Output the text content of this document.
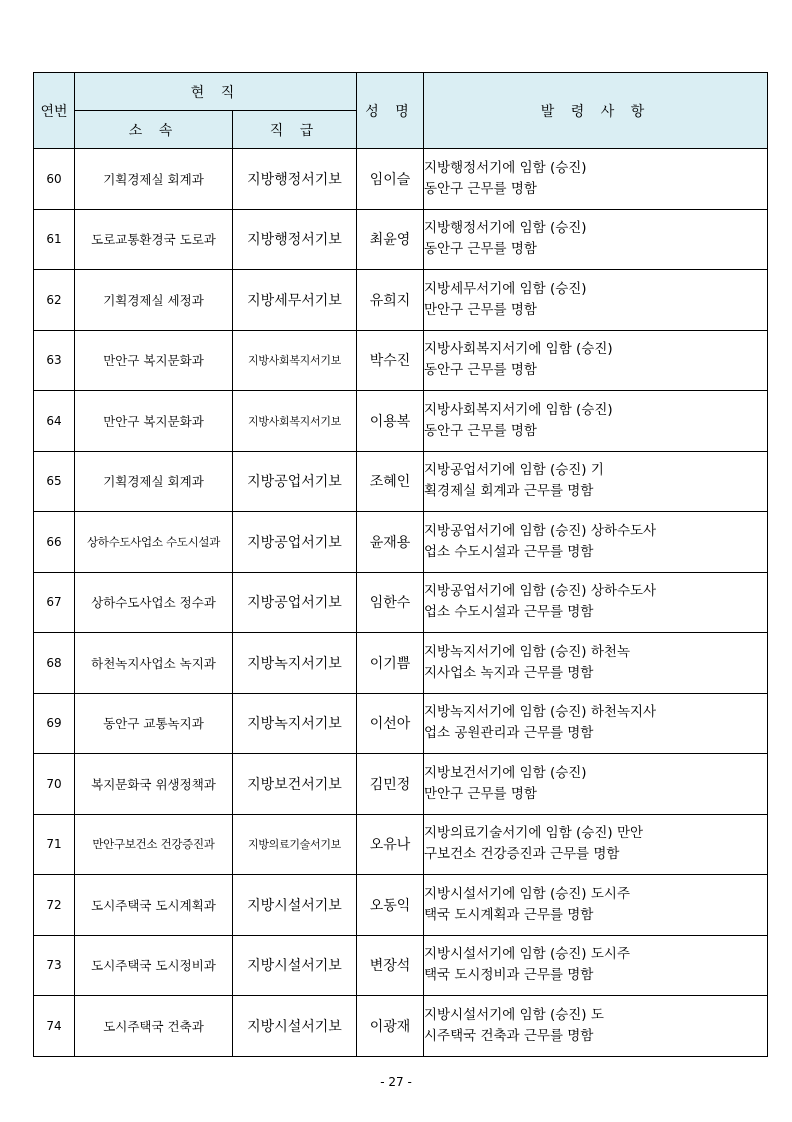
연번	현 직		성 명	발 령 사 항
	소 속	직 급		
60	기획경제실 회계과	지방행정서기보	임이슬	지방행정서기에 임함 (승진)
동안구 근무를 명함

61	도로교통환경국 도로과	지방행정서기보	최윤영	지방행정서기에 임함 (승진)
동안구 근무를 명함

62	기획경제실 세정과	지방세무서기보	유희지	지방세무서기에 임함 (승진)
만안구 근무를 명함

63	만안구 복지문화과	지방사회복지서기보	박수진	지방사회복지서기에 임함 (승진)
동안구 근무를 명함

64	만안구 복지문화과	지방사회복지서기보	이용복	지방사회복지서기에 임함 (승진)
동안구 근무를 명함

65	기획경제실 회계과	지방공업서기보	조혜인	지방공업서기에 임함 (승진) 기
획경제실 회계과 근무를 명함

66	상하수도사업소 수도시설과	지방공업서기보	윤재용	지방공업서기에 임함 (승진) 상하수도사
업소 수도시설과 근무를 명함

67	상하수도사업소 정수과	지방공업서기보	임한수	지방공업서기에 임함 (승진) 상하수도사
업소 수도시설과 근무를 명함

68	하천녹지사업소 녹지과	지방녹지서기보	이기쁨	지방녹지서기에 임함 (승진) 하천녹
지사업소 녹지과 근무를 명함

69	동안구 교통녹지과	지방녹지서기보	이선아	지방녹지서기에 임함 (승진) 하천녹지사
업소 공원관리과 근무를 명함

70	복지문화국 위생정책과	지방보건서기보	김민정	지방보건서기에 임함 (승진)
만안구 근무를 명함

71	만안구보건소 건강증진과	지방의료기술서기보	오유나	지방의료기술서기에 임함 (승진) 만안
구보건소 건강증진과 근무를 명함

72	도시주택국 도시계획과	지방시설서기보	오동익	지방시설서기에 임함 (승진) 도시주
택국 도시계획과 근무를 명함

73	도시주택국 도시정비과	지방시설서기보	변장석	지방시설서기에 임함 (승진) 도시주
택국 도시정비과 근무를 명함

74	도시주택국 건축과	지방시설서기보	이광재	지방시설서기에 임함 (승진) 도
시주택국 건축과 근무를 명함
- 27 -
